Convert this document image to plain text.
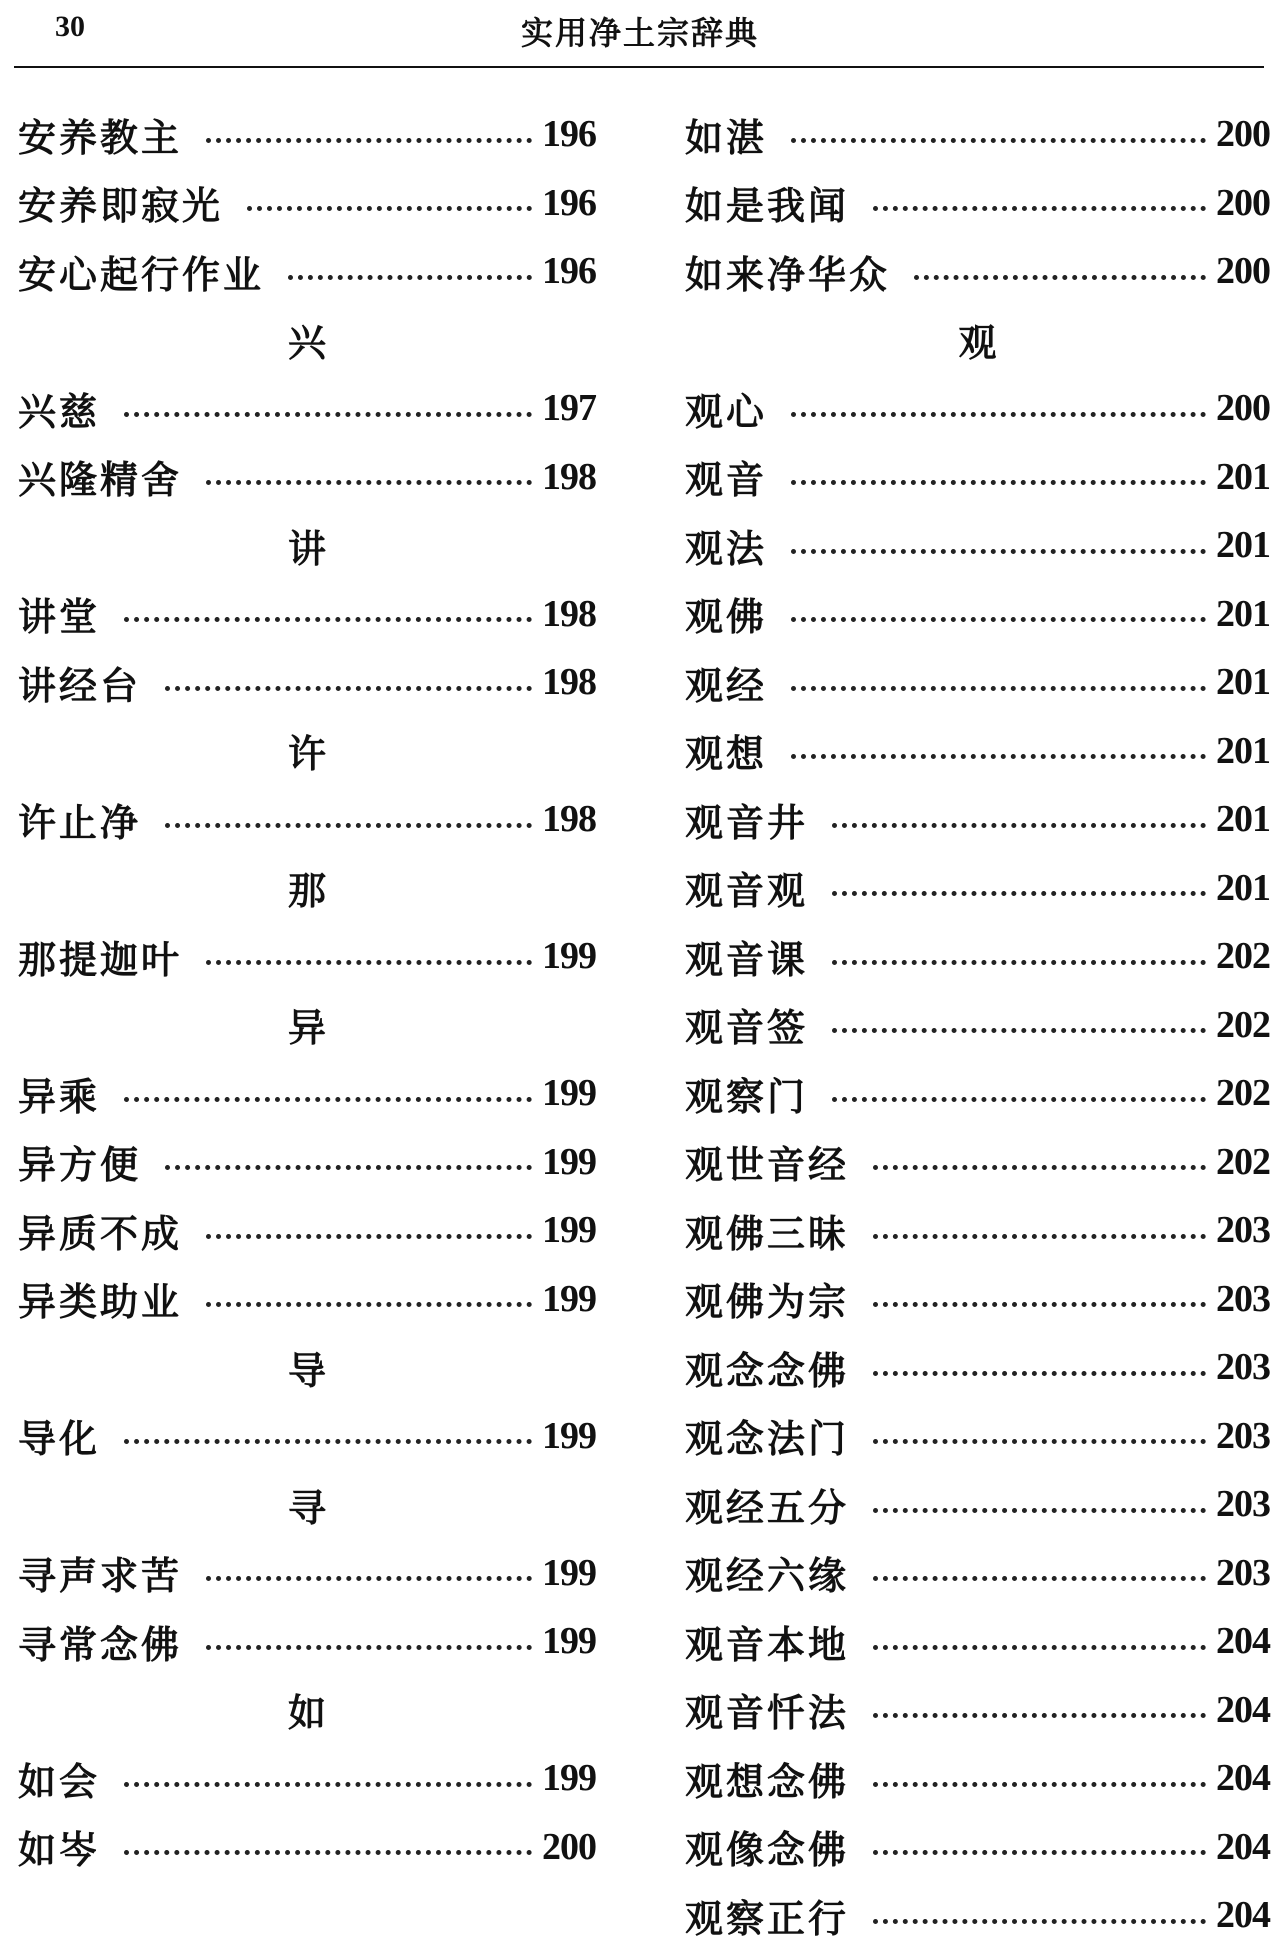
30	实用净土宗辞典
安养教主	196
安养即寂光	196
安心起行作业	196
兴
兴慈	197
兴隆精舍	198
讲
讲堂	198
讲经台	198
许
许止净	198
那
那提迦叶	199
异
异乘	199
异方便	199
异质不成	199
异类助业	199
导
导化	199
寻
寻声求苦	199
寻常念佛	199
如
如会	199
如岑	200
如湛	200
如是我闻	200
如来净华众	200
观
观心	200
观音	201
观法	201
观佛	201
观经	201
观想	201
观音井	201
观音观	201
观音课	202
观音签	202
观察门	202
观世音经	202
观佛三昧	203
观佛为宗	203
观念念佛	203
观念法门	203
观经五分	203
观经六缘	203
观音本地	204
观音忏法	204
观想念佛	204
观像念佛	204
观察正行	204
